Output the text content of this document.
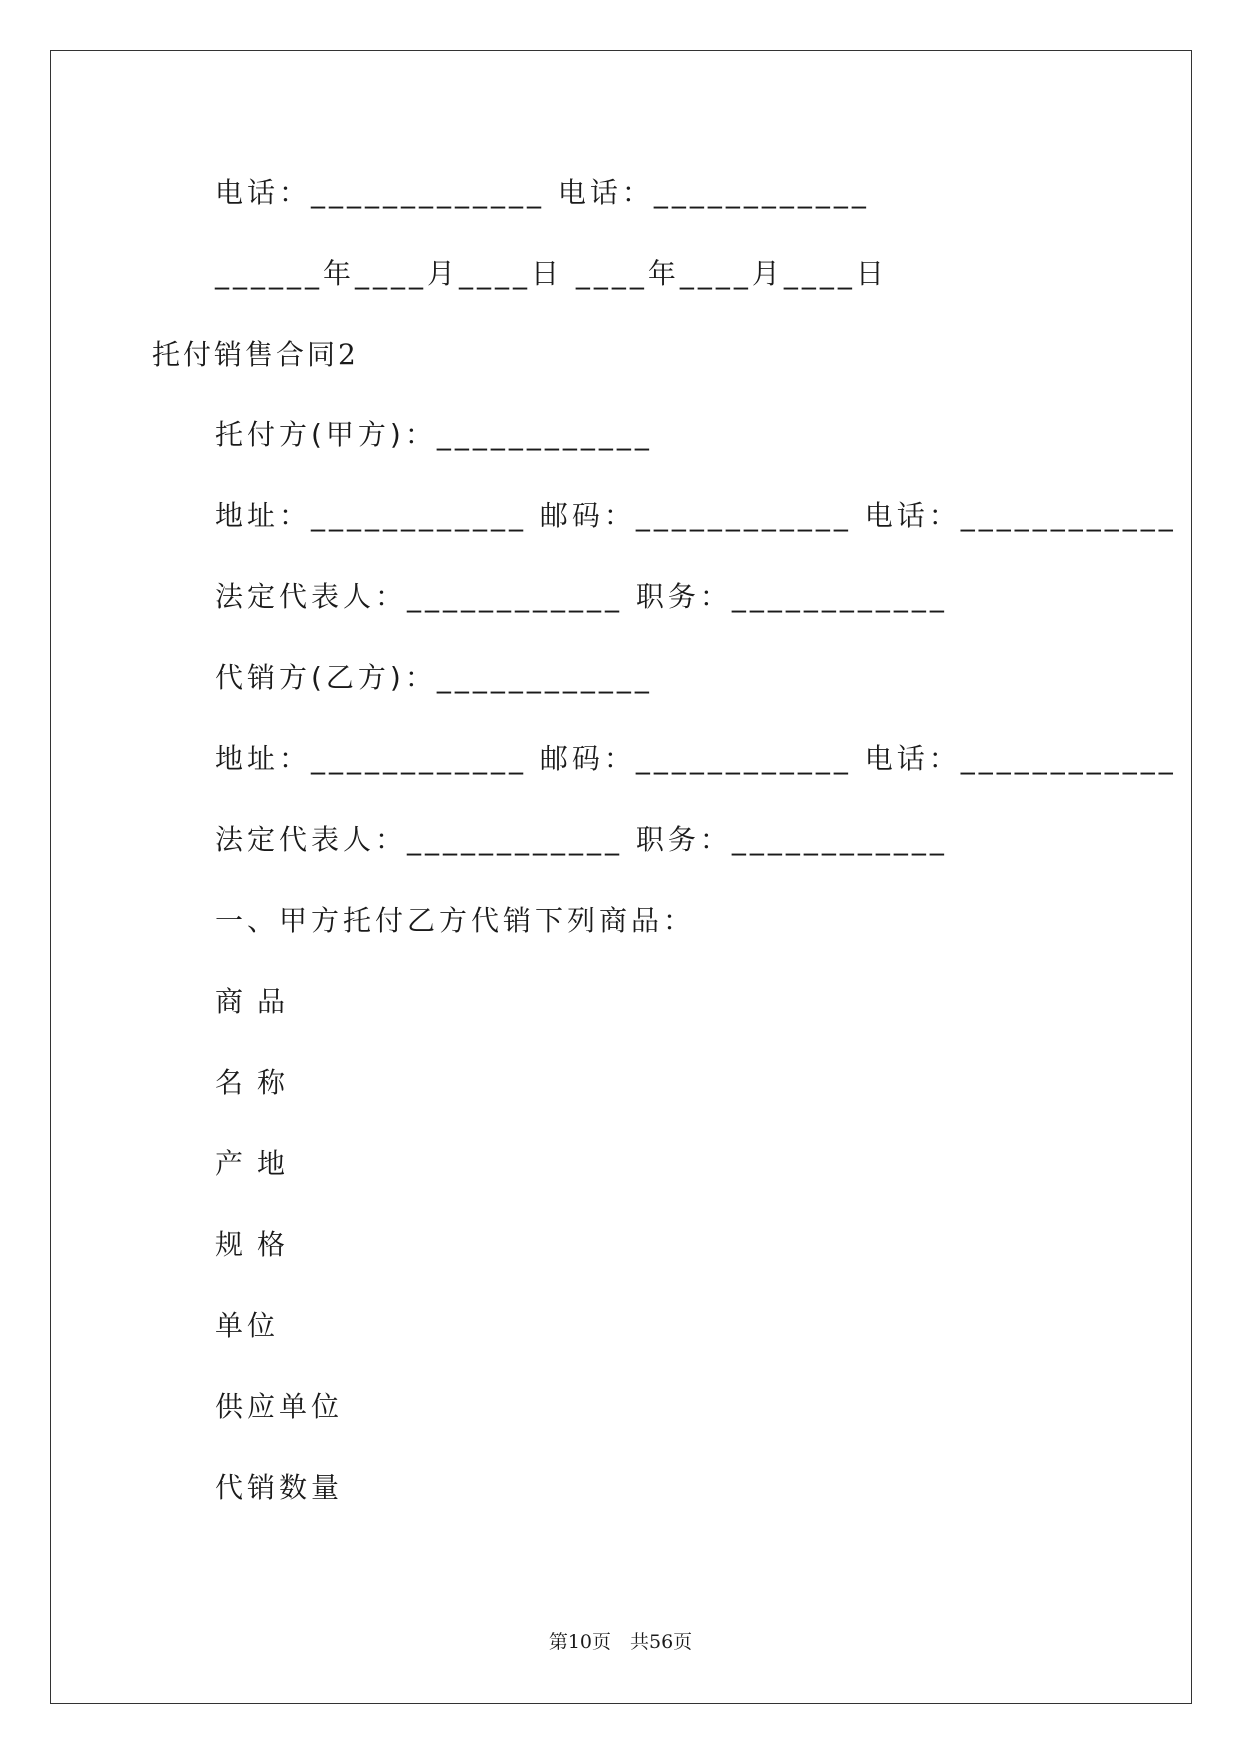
电话：_____________ 电话：____________
______年____月____日 ____年____月____日
托付销售合同2
托付方(甲方)：____________
地址：____________ 邮码：____________ 电话：____________
法定代表人：____________ 职务：____________
代销方(乙方)：____________
地址：____________ 邮码：____________ 电话：____________
法定代表人：____________ 职务：____________
一、甲方托付乙方代销下列商品：
商品
名称
产地
规格
单位
供应单位
代销数量
第10页　共56页
